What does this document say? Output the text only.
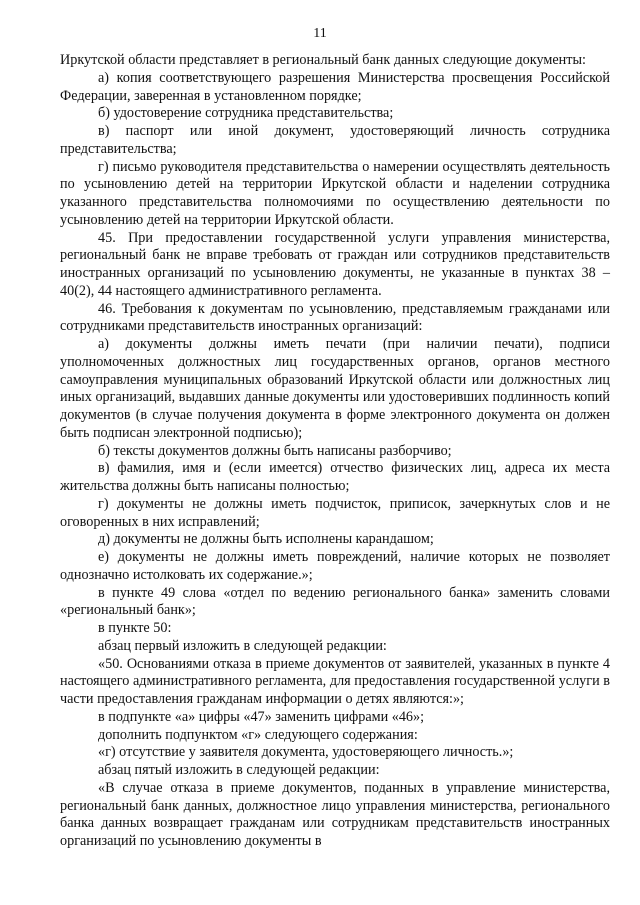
11

Иркутской области представляет в региональный банк данных следующие документы:

а) копия соответствующего разрешения Министерства просвещения Российской Федерации, заверенная в установленном порядке;

б) удостоверение сотрудника представительства;

в) паспорт или иной документ, удостоверяющий личность сотрудника представительства;

г) письмо руководителя представительства о намерении осуществлять деятельность по усыновлению детей на территории Иркутской области и наделении сотрудника указанного представительства полномочиями по осуществлению деятельности по усыновлению детей на территории Иркутской области.

45. При предоставлении государственной услуги управления министерства, региональный банк не вправе требовать от граждан или сотрудников представительств иностранных организаций по усыновлению документы, не указанные в пунктах 38 – 40(2), 44 настоящего административного регламента.

46. Требования к документам по усыновлению, представляемым гражданами или сотрудниками представительств иностранных организаций:

а) документы должны иметь печати (при наличии печати), подписи уполномоченных должностных лиц государственных органов, органов местного самоуправления муниципальных образований Иркутской области или должностных лиц иных организаций, выдавших данные документы или удостоверивших подлинность копий документов (в случае получения документа в форме электронного документа он должен быть подписан электронной подписью);

б) тексты документов должны быть написаны разборчиво;

в) фамилия, имя и (если имеется) отчество физических лиц, адреса их места жительства должны быть написаны полностью;

г) документы не должны иметь подчисток, приписок, зачеркнутых слов и не оговоренных в них исправлений;

д) документы не должны быть исполнены карандашом;

е) документы не должны иметь повреждений, наличие которых не позволяет однозначно истолковать их содержание.»;

в пункте 49 слова «отдел по ведению регионального банка» заменить словами «региональный банк»;

в пункте 50:

абзац первый изложить в следующей редакции:

«50. Основаниями отказа в приеме документов от заявителей, указанных в пункте 4 настоящего административного регламента, для предоставления государственной услуги в части предоставления гражданам информации о детях являются:»;

в подпункте «а» цифры «47» заменить цифрами «46»;

дополнить подпунктом «г» следующего содержания:

«г) отсутствие у заявителя документа, удостоверяющего личность.»;

абзац пятый изложить в следующей редакции:

«В случае отказа в приеме документов, поданных в управление министерства, региональный банк данных, должностное лицо управления министерства, регионального банка данных возвращает гражданам или сотрудникам представительств иностранных организаций по усыновлению документы в
